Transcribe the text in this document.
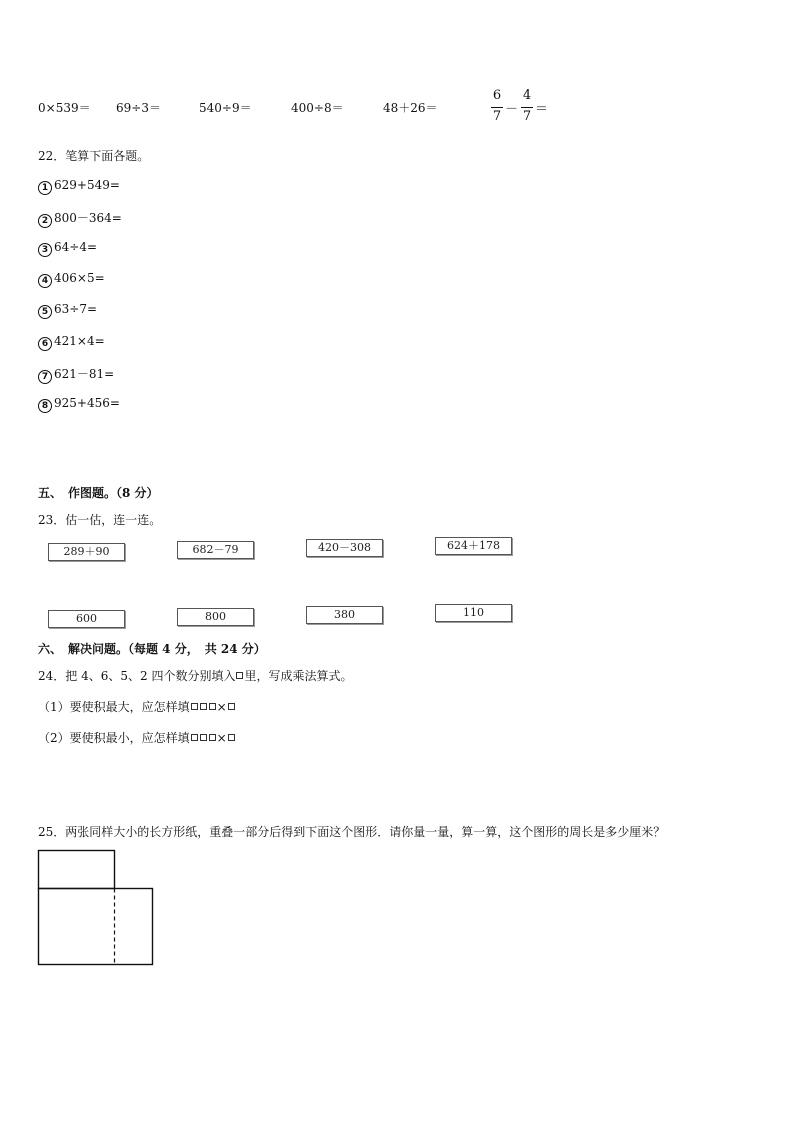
0×539＝ 69÷3＝	540÷9＝	400÷8＝	48＋26＝
6
7 －
4
7 ＝
22．笔算下面各题。
1 629+549=
2 800－364=
3 64÷4=
4 406×5=
5 63÷7=
6 421×4=
7 621－81=
8 925+456=
五、　作图题。（8 分）
23．估一估，连一连。
289＋90	682－79	420－308	624＋178
600	800	380	110
六、　解决问题。（每题 4 分，　共 24 分）
24．把 4、6、5、2 四个数分别填入 里，写成乘法算式。
（1）要使积最大，应怎样填 ×
（2）要使积最小，应怎样填 ×
25．两张同样大小的长方形纸，重叠一部分后得到下面这个图形．请你量一量，算一算，这个图形的周长是多少厘米？
